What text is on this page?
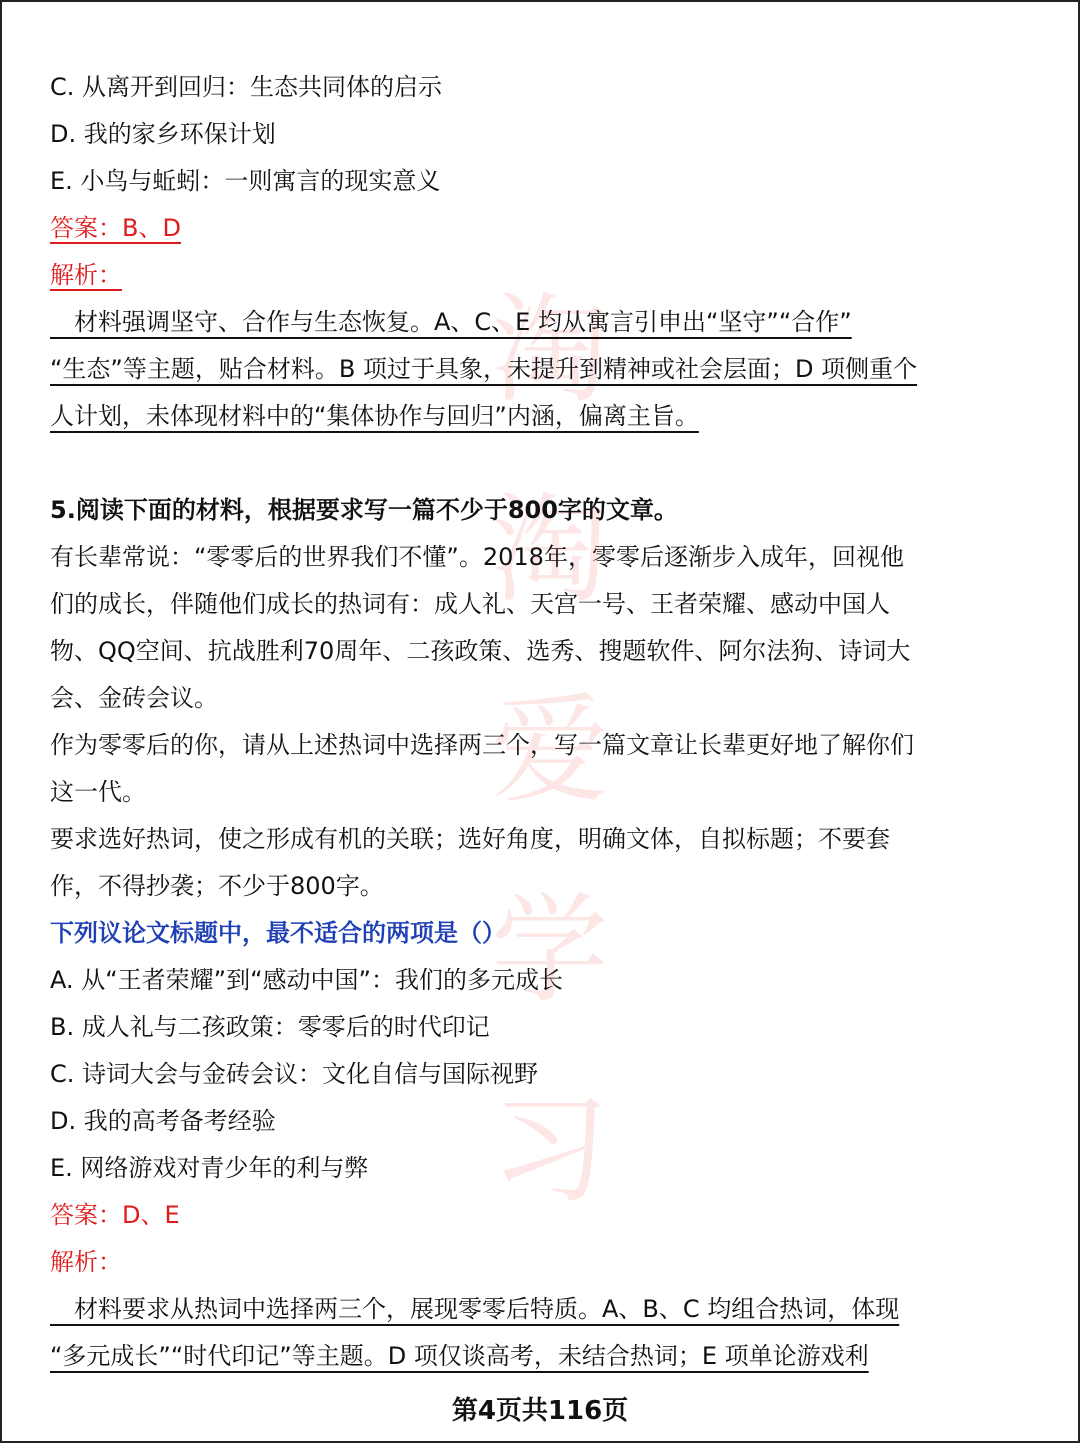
淘
淘
爱
学
习
C. 从离开到回归：生态共同体的启示
D. 我的家乡环保计划
E. 小鸟与蚯蚓：一则寓言的现实意义
答案：B、D
解析：
　材料强调坚守、合作与生态恢复。A、C、E 均从寓言引申出“坚守”“合作”
“生态”等主题，贴合材料。B 项过于具象，未提升到精神或社会层面；D 项侧重个
人计划，未体现材料中的“集体协作与回归”内涵，偏离主旨。
5.阅读下面的材料，根据要求写一篇不少于800字的文章。
有长辈常说：“零零后的世界我们不懂”。2018年，零零后逐渐步入成年，回视他
们的成长，伴随他们成长的热词有：成人礼、天宫一号、王者荣耀、感动中国人
物、QQ空间、抗战胜利70周年、二孩政策、选秀、搜题软件、阿尔法狗、诗词大
会、金砖会议。
作为零零后的你，请从上述热词中选择两三个，写一篇文章让长辈更好地了解你们
这一代。
要求选好热词，使之形成有机的关联；选好角度，明确文体，自拟标题；不要套
作，不得抄袭；不少于800字。
下列议论文标题中，最不适合的两项是（）
A. 从“王者荣耀”到“感动中国”：我们的多元成长
B. 成人礼与二孩政策：零零后的时代印记
C. 诗词大会与金砖会议：文化自信与国际视野
D. 我的高考备考经验
E. 网络游戏对青少年的利与弊
答案：D、E
解析：
　材料要求从热词中选择两三个，展现零零后特质。A、B、C 均组合热词，体现
“多元成长”“时代印记”等主题。D 项仅谈高考，未结合热词；E 项单论游戏利
第4页共116页
